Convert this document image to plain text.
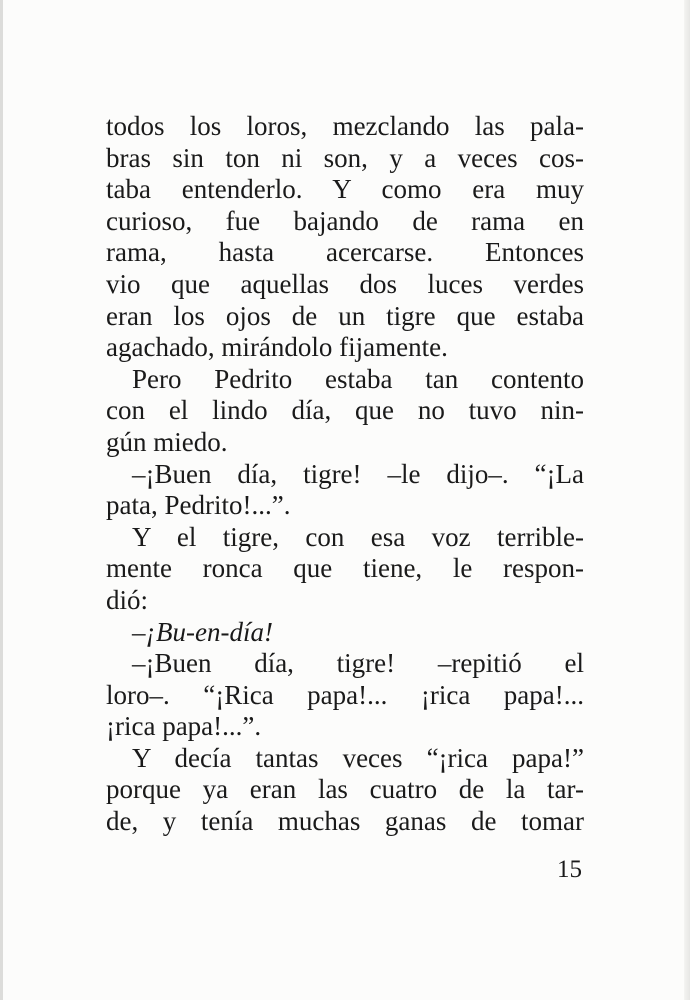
todos los loros, mezclando las pala-
bras sin ton ni son, y a veces cos-
taba entenderlo. Y como era muy
curioso, fue bajando de rama en
rama, hasta acercarse. Entonces
vio que aquellas dos luces verdes
eran los ojos de un tigre que estaba
agachado, mirándolo fijamente.
Pero Pedrito estaba tan contento
con el lindo día, que no tuvo nin-
gún miedo.
–¡Buen día, tigre! –le dijo–. “¡La
pata, Pedrito!...”.
Y el tigre, con esa voz terrible-
mente ronca que tiene, le respon-
dió:
–¡Bu-en-día!
–¡Buen día, tigre! –repitió el
loro–. “¡Rica papa!... ¡rica papa!...
¡rica papa!...”.
Y decía tantas veces “¡rica papa!”
porque ya eran las cuatro de la tar-
de, y tenía muchas ganas de tomar
15
